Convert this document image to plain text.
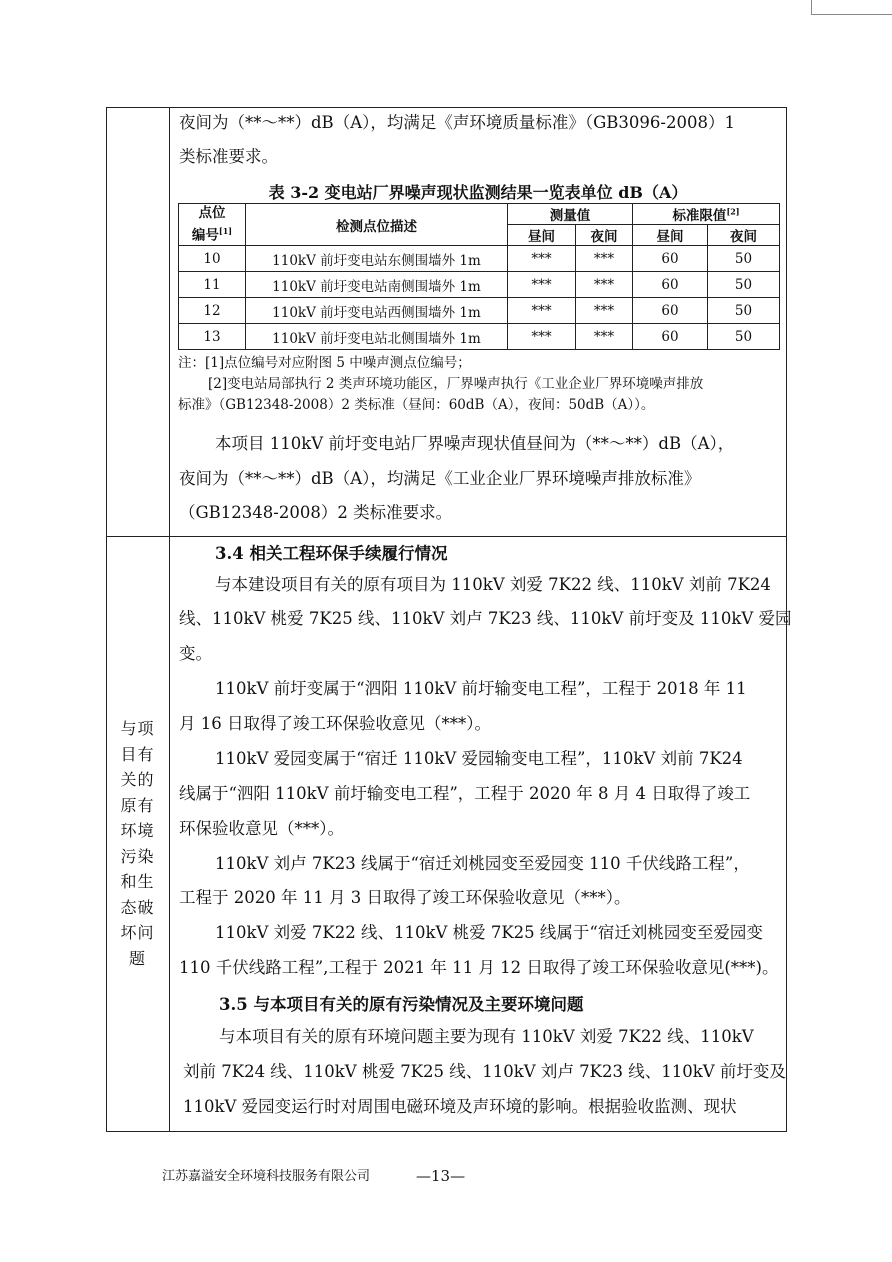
夜间为（**～**）dB（A），均满足《声环境质量标准》（GB3096-2008）1
类标准要求。
表 3-2 变电站厂界噪声现状监测结果一览表单位 dB（A）
点位
编号[1]	检测点位描述	测量值		标准限值[2]
		昼间	夜间	昼间	夜间
10	110kV 前圩变电站东侧围墙外 1m	***	***	60	50
11	110kV 前圩变电站南侧围墙外 1m	***	***	60	50
12	110kV 前圩变电站西侧围墙外 1m	***	***	60	50
13	110kV 前圩变电站北侧围墙外 1m	***	***	60	50
注：[1]点位编号对应附图 5 中噪声测点位编号；
[2]变电站局部执行 2 类声环境功能区，厂界噪声执行《工业企业厂界环境噪声排放
标准》（GB12348-2008）2 类标准（昼间：60dB（A），夜间：50dB（A））。
本项目 110kV 前圩变电站厂界噪声现状值昼间为（**～**）dB（A），
夜间为（**～**）dB（A），均满足《工业企业厂界环境噪声排放标准》
（GB12348-2008）2 类标准要求。
与项
目有
关的
原有
环境
污染
和生
态破
坏问
题
3.4 相关工程环保手续履行情况
与本建设项目有关的原有项目为 110kV 刘爱 7K22 线、110kV 刘前 7K24
线、110kV 桃爱 7K25 线、110kV 刘卢 7K23 线、110kV 前圩变及 110kV 爱园
变。
110kV 前圩变属于“泗阳 110kV 前圩输变电工程”，工程于 2018 年 11
月 16 日取得了竣工环保验收意见（***）。
110kV 爱园变属于“宿迁 110kV 爱园输变电工程”，110kV 刘前 7K24
线属于“泗阳 110kV 前圩输变电工程”，工程于 2020 年 8 月 4 日取得了竣工
环保验收意见（***）。
110kV 刘卢 7K23 线属于“宿迁刘桃园变至爱园变 110 千伏线路工程”，
工程于 2020 年 11 月 3 日取得了竣工环保验收意见（***）。
110kV 刘爱 7K22 线、110kV 桃爱 7K25 线属于“宿迁刘桃园变至爱园变
110 千伏线路工程”,工程于 2021 年 11 月 12 日取得了竣工环保验收意见(***)。
3.5 与本项目有关的原有污染情况及主要环境问题
与本项目有关的原有环境问题主要为现有 110kV 刘爱 7K22 线、110kV
刘前 7K24 线、110kV 桃爱 7K25 线、110kV 刘卢 7K23 线、110kV 前圩变及
110kV 爱园变运行时对周围电磁环境及声环境的影响。根据验收监测、现状
江苏嘉溢安全环境科技服务有限公司	—13—
